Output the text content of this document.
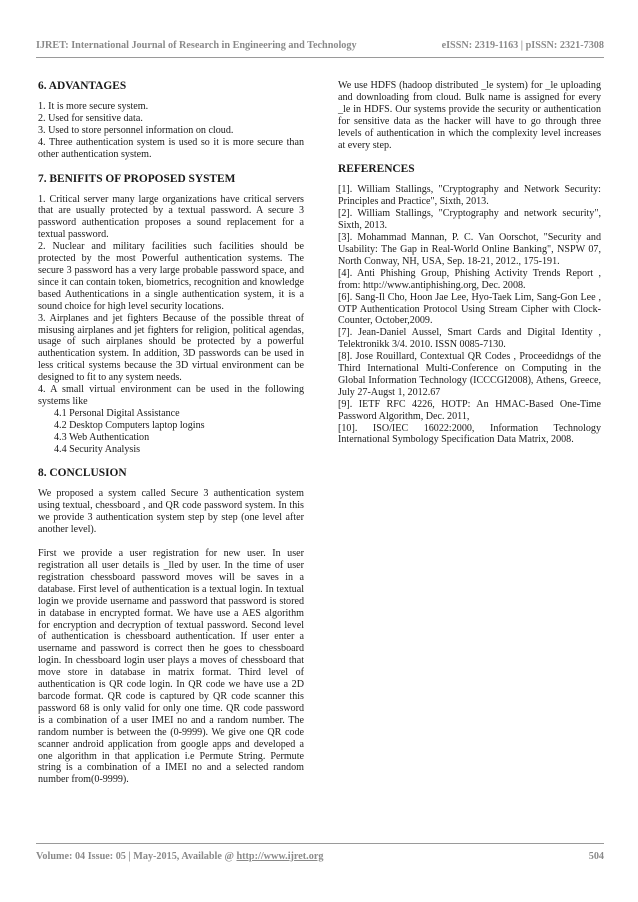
IJRET: International Journal of Research in Engineering and Technology	eISSN: 2319-1163 | pISSN: 2321-7308
6. ADVANTAGES

1. It is more secure system.

2. Used for sensitive data.

3. Used to store personnel information on cloud.

4. Three authentication system is used so it is more secure than other authentication system.

7. BENIFITS OF PROPOSED SYSTEM

1. Critical server many large organizations have critical servers that are usually protected by a textual password. A secure 3 password authentication proposes a sound replacement for a textual password.

2. Nuclear and military facilities such facilities should be protected by the most Powerful authentication systems. The secure 3 password has a very large probable password space, and since it can contain token, biometrics, recognition and knowledge based Authentications in a single authentication system, it is a sound choice for high level security locations.

3. Airplanes and jet fighters Because of the possible threat of misusing airplanes and jet fighters for religion, political agendas, usage of such airplanes should be protected by a powerful authentication system. In addition, 3D passwords can be used in less critical systems because the 3D virtual environment can be designed to fit to any system needs.

4. A small virtual environment can be used in the following systems like

4.1 Personal Digital Assistance

4.2 Desktop Computers laptop logins

4.3 Web Authentication

4.4 Security Analysis

8. CONCLUSION

We proposed a system called Secure 3 authentication system using textual, chessboard , and QR code password system. In this we provide 3 authentication system step by step (one level after another level).

First we provide a user registration for new user. In user registration all user details is _lled by user. In the time of user registration chessboard password moves will be saves in a database. First level of authentication is a textual login. In textual login we provide username and password that password is stored in database in encrypted format. We have use a AES algorithm for encryption and decryption of textual password. Second level of authentication is chessboard authentication. If user enter a username and password is correct then he goes to chessboard login. In chessboard login user plays a moves of chessboard that move store in database in matrix format. Third level of authentication is QR code login. In QR code we have use a 2D barcode format. QR code is captured by QR code scanner this password 68 is only valid for only one time. QR code password is a combination of a user IMEI no and a random number. The random number is between the (0-9999). We give one QR code scanner android application from google apps and developed a one algorithm in that application i.e Permute String. Permute string is a combination of a IMEI no and a selected random number from(0-9999).

We use HDFS (hadoop distributed _le system) for _le uploading and downloading from cloud. Bulk name is assigned for every _le in HDFS. Our systems provide the security or authentication for sensitive data as the hacker will have to go through three levels of authentication in which the complexity level increases at every step.

REFERENCES

[1]. William Stallings, "Cryptography and Network Security: Principles and Practice", Sixth, 2013.

[2]. William Stallings, "Cryptography and network security", Sixth, 2013.

[3]. Mohammad Mannan, P. C. Van Oorschot, "Security and Usability: The Gap in Real-World Online Banking", NSPW 07, North Conway, NH, USA, Sep. 18-21, 2012., 175-191.

[4]. Anti Phishing Group, Phishing Activity Trends Report , from: http://www.antiphishing.org, Dec. 2008.

[6]. Sang-Il Cho, Hoon Jae Lee, Hyo-Taek Lim, Sang-Gon Lee , OTP Authentication Protocol Using Stream Cipher with Clock-Counter, October,2009.

[7]. Jean-Daniel Aussel, Smart Cards and Digital Identity , Telektronikk 3/4. 2010. ISSN 0085-7130.

[8]. Jose Rouillard, Contextual QR Codes , Proceedidngs of the Third International Multi-Conference on Computing in the Global Information Technology (ICCCGI2008), Athens, Greece, July 27-Augst 1, 2012.67

[9]. IETF RFC 4226, HOTP: An HMAC-Based One-Time Password Algorithm, Dec. 2011,

[10]. ISO/IEC 16022:2000, Information Technology International Symbology Specification Data Matrix, 2008.

Volume: 04 Issue: 05 | May-2015, Available @ http://www.ijret.org	504
